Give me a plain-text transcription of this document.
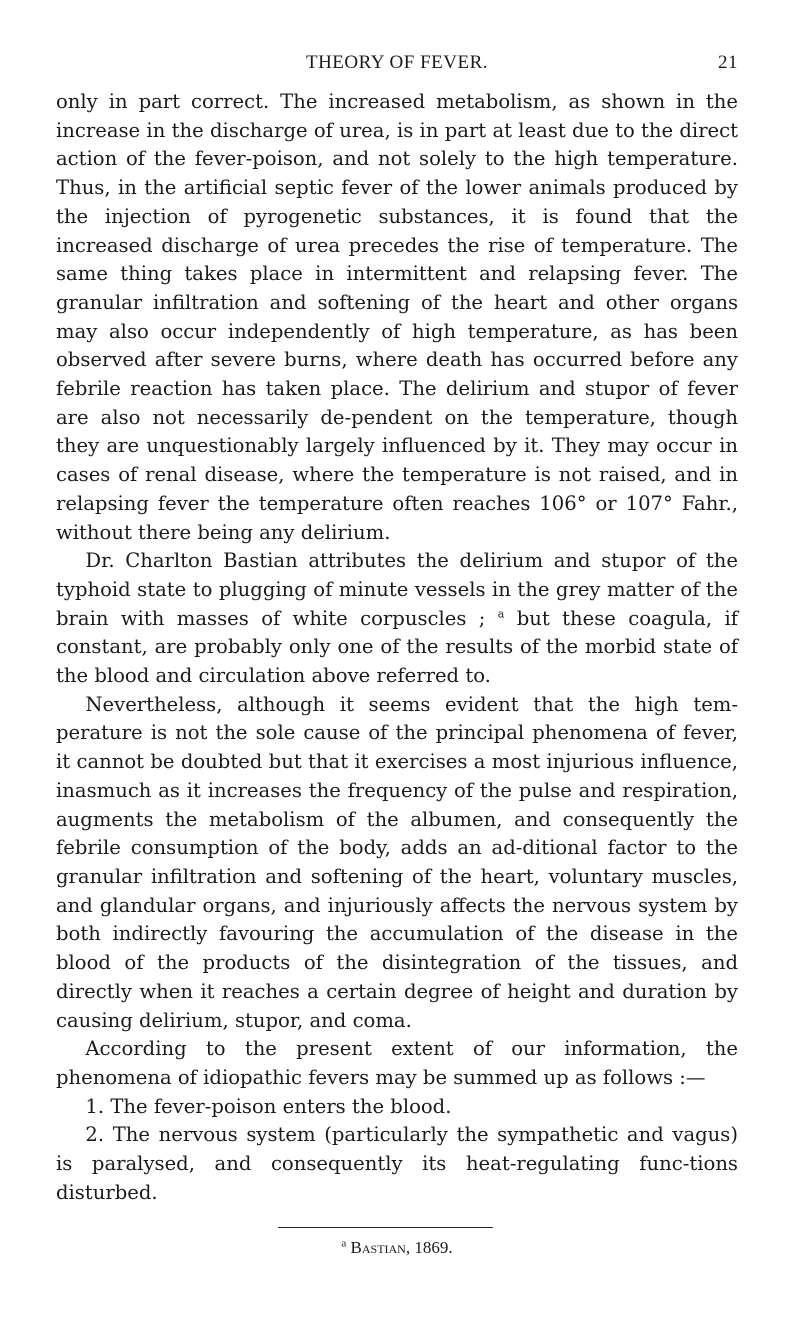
THEORY OF FEVER.	21

only in part correct. The increased metabolism, as shown in the increase in the discharge of urea, is in part at least due to the direct action of the fever-poison, and not solely to the high temperature. Thus, in the artificial septic fever of the lower animals produced by the injection of pyrogenetic substances, it is found that the increased discharge of urea precedes the rise of temperature. The same thing takes place in intermittent and relapsing fever. The granular infiltration and softening of the heart and other organs may also occur independently of high temperature, as has been observed after severe burns, where death has occurred before any febrile reaction has taken place. The delirium and stupor of fever are also not necessarily de-pendent on the temperature, though they are unquestionably largely influenced by it. They may occur in cases of renal disease, where the temperature is not raised, and in relapsing fever the temperature often reaches 106° or 107° Fahr., without there being any delirium.

Dr. Charlton Bastian attributes the delirium and stupor of the typhoid state to plugging of minute vessels in the grey matter of the brain with masses of white corpuscles ; $^a$ but these coagula, if constant, are probably only one of the results of the morbid state of the blood and circulation above referred to.

Nevertheless, although it seems evident that the high tem-perature is not the sole cause of the principal phenomena of fever, it cannot be doubted but that it exercises a most injurious influence, inasmuch as it increases the frequency of the pulse and respiration, augments the metabolism of the albumen, and consequently the febrile consumption of the body, adds an ad-ditional factor to the granular infiltration and softening of the heart, voluntary muscles, and glandular organs, and injuriously affects the nervous system by both indirectly favouring the accumulation of the disease in the blood of the products of the disintegration of the tissues, and directly when it reaches a certain degree of height and duration by causing delirium, stupor, and coma.

According to the present extent of our information, the phenomena of idiopathic fevers may be summed up as follows :—

1. The fever-poison enters the blood.

2. The nervous system (particularly the sympathetic and vagus) is paralysed, and consequently its heat-regulating func-tions disturbed.

$^a$ Bastian, 1869.
